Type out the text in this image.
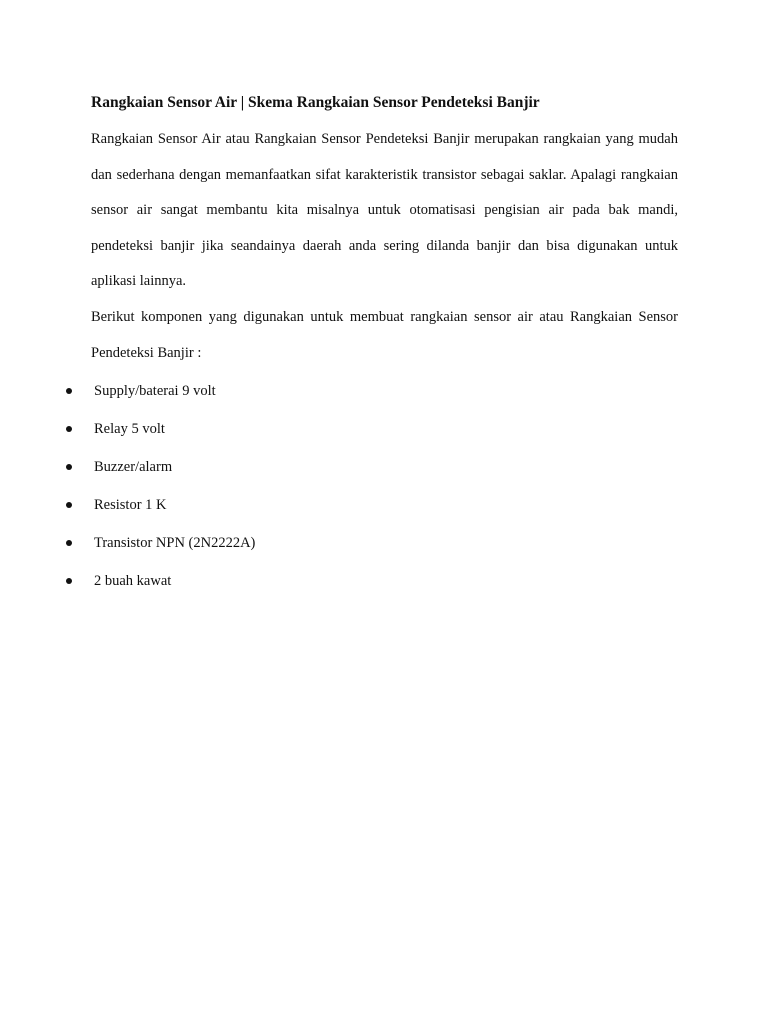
Rangkaian Sensor Air | Skema Rangkaian Sensor Pendeteksi Banjir
Rangkaian Sensor Air atau Rangkaian Sensor Pendeteksi Banjir merupakan rangkaian yang mudah dan sederhana dengan memanfaatkan sifat karakteristik transistor sebagai saklar. Apalagi rangkaian sensor air sangat membantu kita misalnya untuk otomatisasi pengisian air pada bak mandi, pendeteksi banjir jika seandainya daerah anda sering dilanda banjir dan bisa digunakan untuk aplikasi lainnya.
Berikut komponen yang digunakan untuk membuat rangkaian sensor air atau Rangkaian Sensor Pendeteksi Banjir :
Supply/baterai 9 volt
Relay 5 volt
Buzzer/alarm
Resistor 1 K
Transistor NPN (2N2222A)
2 buah kawat
